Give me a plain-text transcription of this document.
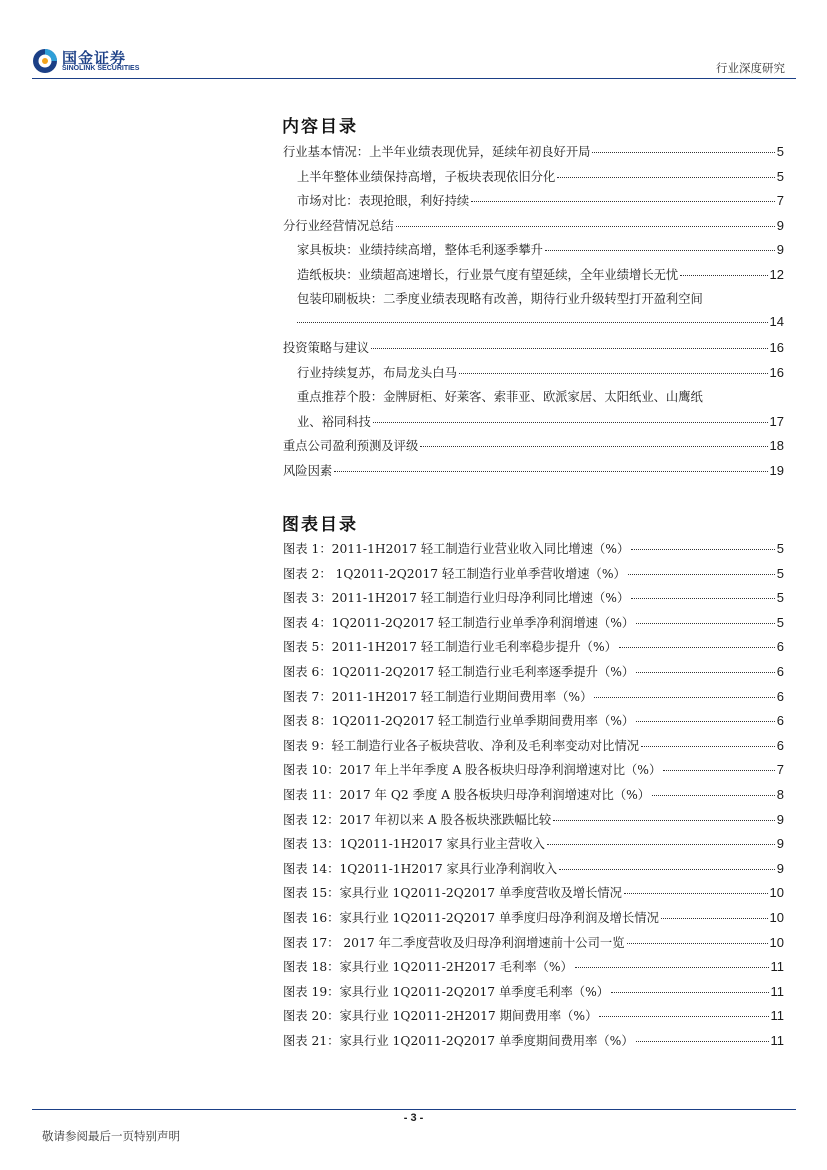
国金证券
SINOLINK SECURITIES	行业深度研究
内容目录
行业基本情况：上半年业绩表现优异，延续年初良好开局	5
上半年整体业绩保持高增，子板块表现依旧分化	5
市场对比：表现抢眼，利好持续	7
分行业经营情况总结	9
家具板块：业绩持续高增，整体毛利逐季攀升	9
造纸板块：业绩超高速增长，行业景气度有望延续，全年业绩增长无忧	12
包装印刷板块：二季度业绩表现略有改善，期待行业升级转型打开盈利空间
14
投资策略与建议	16
行业持续复苏，布局龙头白马	16
重点推荐个股：金牌厨柜、好莱客、索菲亚、欧派家居、太阳纸业、山鹰纸
业、裕同科技	17
重点公司盈利预测及评级	18
风险因素	19
图表目录
图表 1：2011-1H2017 轻工制造行业营业收入同比增速（%）	5
图表 2： 1Q2011-2Q2017 轻工制造行业单季营收增速（%）	5
图表 3：2011-1H2017 轻工制造行业归母净利同比增速（%）	5
图表 4：1Q2011-2Q2017 轻工制造行业单季净利润增速（%）	5
图表 5：2011-1H2017 轻工制造行业毛利率稳步提升（%）	6
图表 6：1Q2011-2Q2017 轻工制造行业毛利率逐季提升（%）	6
图表 7：2011-1H2017 轻工制造行业期间费用率（%）	6
图表 8：1Q2011-2Q2017 轻工制造行业单季期间费用率（%）	6
图表 9：轻工制造行业各子板块营收、净利及毛利率变动对比情况	6
图表 10：2017 年上半年季度 A 股各板块归母净利润增速对比（%）	7
图表 11：2017 年 Q2 季度 A 股各板块归母净利润增速对比（%）	8
图表 12：2017 年初以来 A 股各板块涨跌幅比较	9
图表 13：1Q2011-1H2017 家具行业主营收入	9
图表 14：1Q2011-1H2017 家具行业净利润收入	9
图表 15：家具行业 1Q2011-2Q2017 单季度营收及增长情况	10
图表 16：家具行业 1Q2011-2Q2017 单季度归母净利润及增长情况	10
图表 17： 2017 年二季度营收及归母净利润增速前十公司一览	10
图表 18：家具行业 1Q2011-2H2017 毛利率（%）	11
图表 19：家具行业 1Q2011-2Q2017 单季度毛利率（%）	11
图表 20：家具行业 1Q2011-2H2017 期间费用率（%）	11
图表 21：家具行业 1Q2011-2Q2017 单季度期间费用率（%）	11
- 3 -
敬请参阅最后一页特别声明
